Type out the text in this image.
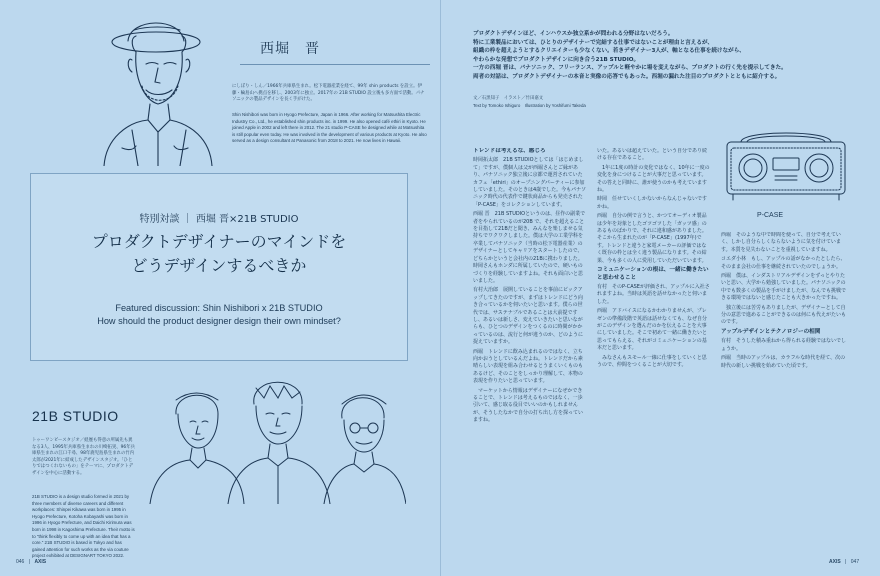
西堀　晋
にしぼり・しん／1966年兵庫県生まれ。松下電器産業を経て、99年 shin products を設立。伊藤・輪島山へ拠点を移し、2003年に独立。2017年の 21B STUDIO 設立後も多方面で活動。パナソニックの製品デザインを長く手がけた。
Shin Nishibori was born in Hyogo Prefecture, Japan in 1966. After working for Matsushita Electric Industry Co., Ltd., he established shin products inc. in 1999. He also opened café ethiri in Kyoto. He joined Apple in 2002 and left there in 2012. The 21 studio P-CASE he designed while at Matsushita is still popular even today. He was involved in the development of various products at Kyoto. He also served as a design consultant at Panasonic from 2018 to 2021. He now lives in Hawaii.
特別対談 ｜ 西堀 晋×21B STUDIO
プロダクトデザイナーのマインドを
どうデザインするべきか
Featured discussion: Shin Nishibori x 21B STUDIO
How should the product designer design their own mindset?
21B STUDIO
トゥーワンビースタジオ／経歴も得意の所属先も異なる3人、1995年兵庫県生まれの川崎拓実、96年兵庫県生まれの江口千尋、98年鹿児島県生まれの竹内太郎が2021年に結成したデザインスタジオ。「ひとりではつくれないもの」をテーマに、プロダクトデザインを中心に活動する。
21B STUDIO is a design studio formed in 2021 by three members of diverse careers and different workplaces: Shinpei Kikawa was born in 1995 in Hyogo Prefecture, Kotoha Kobayashi was born in 1996 in Hyogo Prefecture, and Daichi Kirimura was born in 1998 in Kagoshima Prefecture. Their motto is to "think flexibly to come up with an idea that has a core." 21B STUDIO is based in Tokyo and has gained attention for such works as the via couture project exhibited at DESIGNART TOKYO 2022.
046 | AXIS
プロダクトデザインほど、インハウスか独立系かが問われる分野はないだろう。
特に工業製品においては、ひとりのデザイナーで完結する仕事ではないことが理由と言えるが、
組織の枠を超えようとするクリエイターも少なくない。若きデザイナー3人が、軸となる仕事を続けながら、
やわらかな発想でプロダクトデザインに向き合う21B STUDIO。
一方の西堀 晋は、パナソニック、フリーランス、アップルと軽やかに場を変えながら、プロダクトの行く先を提示してきた。
両者の対話は、プロダクトデザイナーの本音と実像の応答でもあった。西堀の漏れた注目のプロダクトとともに紹介する。
文／石黒知子　 イラスト／竹田嘉文
Text by Tomoko Ishiguro　 Illustration by Yoshifumi Takeda
P-CASE

トレンドは考えるな、感じろ

時岡拓太郎　21B STUDIOとしては「はじめまして」ですが、僕個人は父が西堀さんとご縁があり、パナソニック独立後に京都で運営されていたカフェ「ethiri」のオープニングパーティーに参加していました。そのときは4歳でした。今もパナソニック時代の代表作で鍵状商品からも発売された「P-CASE」をコレクションしています。

西堀 晋　21B STUDIOというのは、昼作の副業で者をやられているのが20B で、それを超えることを目指して21Bだと聞き、みんなを楽しませる気持ちでワクワクしました。僕は大学の工業学科を卒業してパナソニック（当時の松下電器産業）のデザイナーとしてキャリアをスタートしたので、どちらかというと会社内の21Bに携わりました。時岡さんもホンダに所属していたので、硬いものづくりを経験していますよね。それも面白いと思いました。

有村大治郎　展開していることを事前にピックアップしてきたのですが、まずはトレンドにどう向き合っているかを伺いたいと思います。僕らの世代では、サステナブルであることは大前提ですし、あるいは新しさ、変えていきたいと思いながらも、ひとつのデザインをつくるのに時間がかかっているのは、流行と何が違うのか、どのように捉えていますか。

西堀　トレンドに飲み込まれるのではなく、立ち向かおうとしているんだよね。トレンドだから素晴らしい表現を組み合わせるとうまくいくものもあるけど、そのことをしっかり理解して、本物の表現を作りたいと思っています。

　マーケットから情報はデザイナーになぜかできることで、トレンドは考えるものではなく、一歩引いて、感じ取る役目でいいのかもしれませんが、そうしたなかで自分の打ち出し方を探っていますね。

いた。あるいは超えていた。という自分であり続ける存在であること。

　1年に1度の時計の変化ではなく、10年に一度の変化を身につけることが大事だと思っています。その答えと同時に、誰が使うのかも考えていますね。

時岡　任せていくしかないからなんじゃないですかね。

西堀　自分の例で言うと、かつてオーディオ製品は少年を対象としたゴツゴツした「ガッツ感」のあるものばかりで、それに違和感がありました。そこから生まれたのが「P-CASE」(1997年)です。トレンドと違うと家電メーカーの評価ではなく既存の枠とは全く違う製品になります。その結果、今も多くの人に愛用していただいています。

コミュニケーションの根は、一緒に働きたいと思わせること

有村　そのP-CASEが評価され、アップルに入社されますよね。当時は英語を話せなかったと伺いました。

西堀　アドバイスになるかわかりませんが、プレゼンの準備段階で英語は話せなくても、なぜ自分がこのデザインを選んだのかを伝えることを大事にしていました。そこで初めて一緒に働きたいと思ってもらえる、それがコミュニケーションの基本だと思います。

　みなさんもスモール一線に仕事をしていくと思うので、仲間をつくることが大切です。

西堀　そのような中で時間を使って、自分で考えていく、しかし自分らしくならないように気を付けています。本質を見失わないことを重視していますね。

コエダ小林　もし、アップルの話がなかったとしたら、そのまま会社の仕事を継続されていたのでしょうか。

西堀　僕は、インダストリアルデザインをずっとやりたいと思い、大学から勉強していました。パナソニックの中でも数多くの製品を手がけましたが、なんでも挑戦できる環境ではないと感じたことも大きかったですね。

　独立後には苦労もありましたが、デザイナーとして自分の意思で進めることができるのは何にも代えがたいものです。

アップルデザインとテクノロジーの相関

有村　そうした積み重ねから得られる経験ではないでしょうか。

西堀　当時のアップルは、カラフルな時代を経て、次の時代の新しい挑戦を始めていた頃です。

AXIS | 047
